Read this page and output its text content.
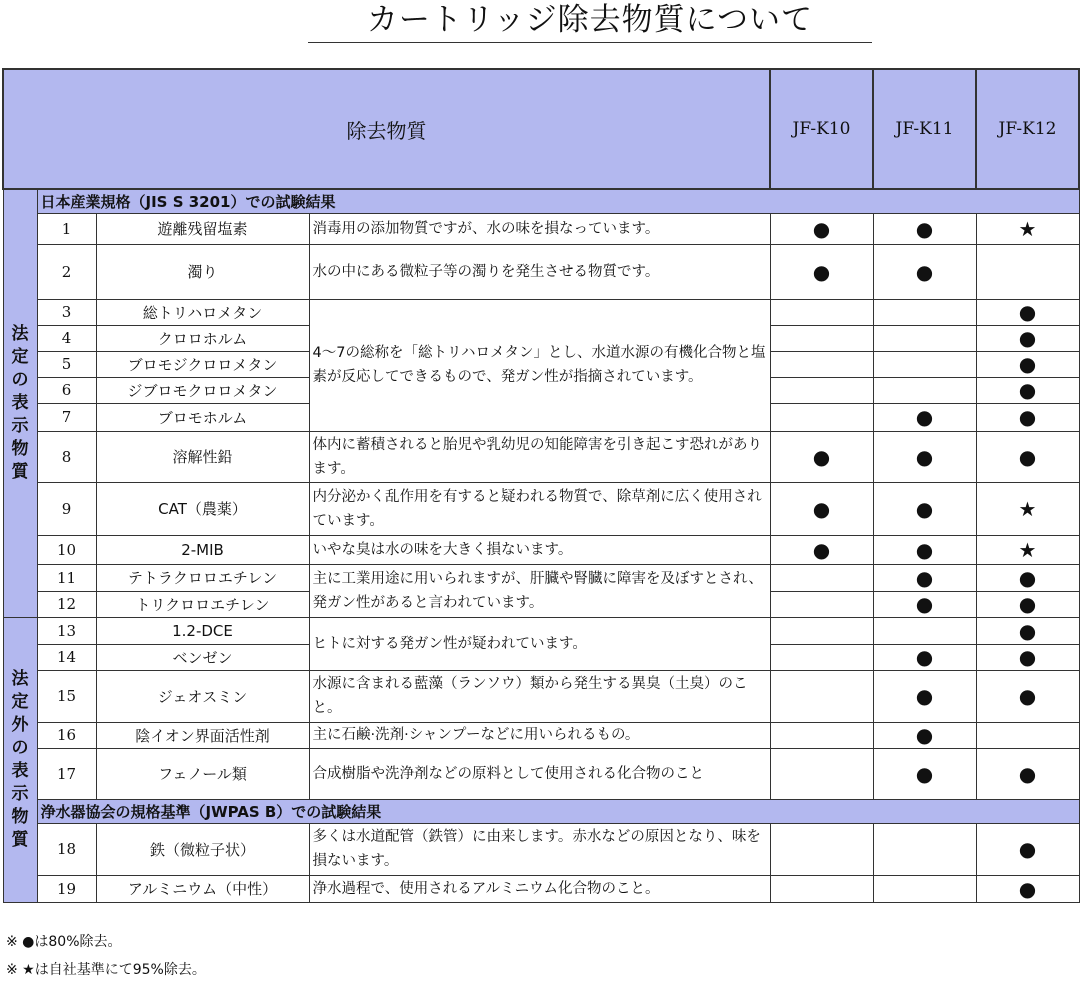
カートリッジ除去物質について
除去物質				JF-K10	JF-K11	JF-K12

法定の表示物質	日本産業規格（JIS S 3201）での試験結果					
	1	遊離残留塩素	消毒用の添加物質ですが、水の味を損なっています。	●	●	★
	2	濁り	水の中にある微粒子等の濁りを発生させる物質です。	●	●	
	3	総トリハロメタン	4〜7の総称を「総トリハロメタン」とし、水道水源の有機化合物と塩素が反応してできるもので、発ガン性が指摘されています。			●
	4	クロロホルム				●
	5	ブロモジクロロメタン				●
	6	ジブロモクロロメタン				●
	7	ブロモホルム			●	●
	8	溶解性鉛	体内に蓄積されると胎児や乳幼児の知能障害を引き起こす恐れがあります。	●	●	●
	9	CAT（農薬）	内分泌かく乱作用を有すると疑われる物質で、除草剤に広く使用されています。	●	●	★
	10	2-MIB	いやな臭は水の味を大きく損ないます。	●	●	★
	11	テトラクロロエチレン	主に工業用途に用いられますが、肝臓や腎臓に障害を及ぼすとされ、発ガン性があると言われています。		●	●
	12	トリクロロエチレン			●	●

法定外の表示物質	13	1.2-DCE	ヒトに対する発ガン性が疑われています。			●
	14	ベンゼン			●	●
	15	ジェオスミン	水源に含まれる藍藻（ランソウ）類から発生する異臭（土臭）のこと。		●	●
	16	陰イオン界面活性剤	主に石鹸·洗剤·シャンプーなどに用いられるもの。		●	
	17	フェノール類	合成樹脂や洗浄剤などの原料として使用される化合物のこと		●	●
	浄水器協会の規格基準（JWPAS B）での試験結果					
	18	鉄（微粒子状）	多くは水道配管（鉄管）に由来します。赤水などの原因となり、味を損ないます。			●
	19	アルミニウム（中性）	浄水過程で、使用されるアルミニウム化合物のこと。			●
※ ●は80%除去。
※ ★は自社基準にて95%除去。
